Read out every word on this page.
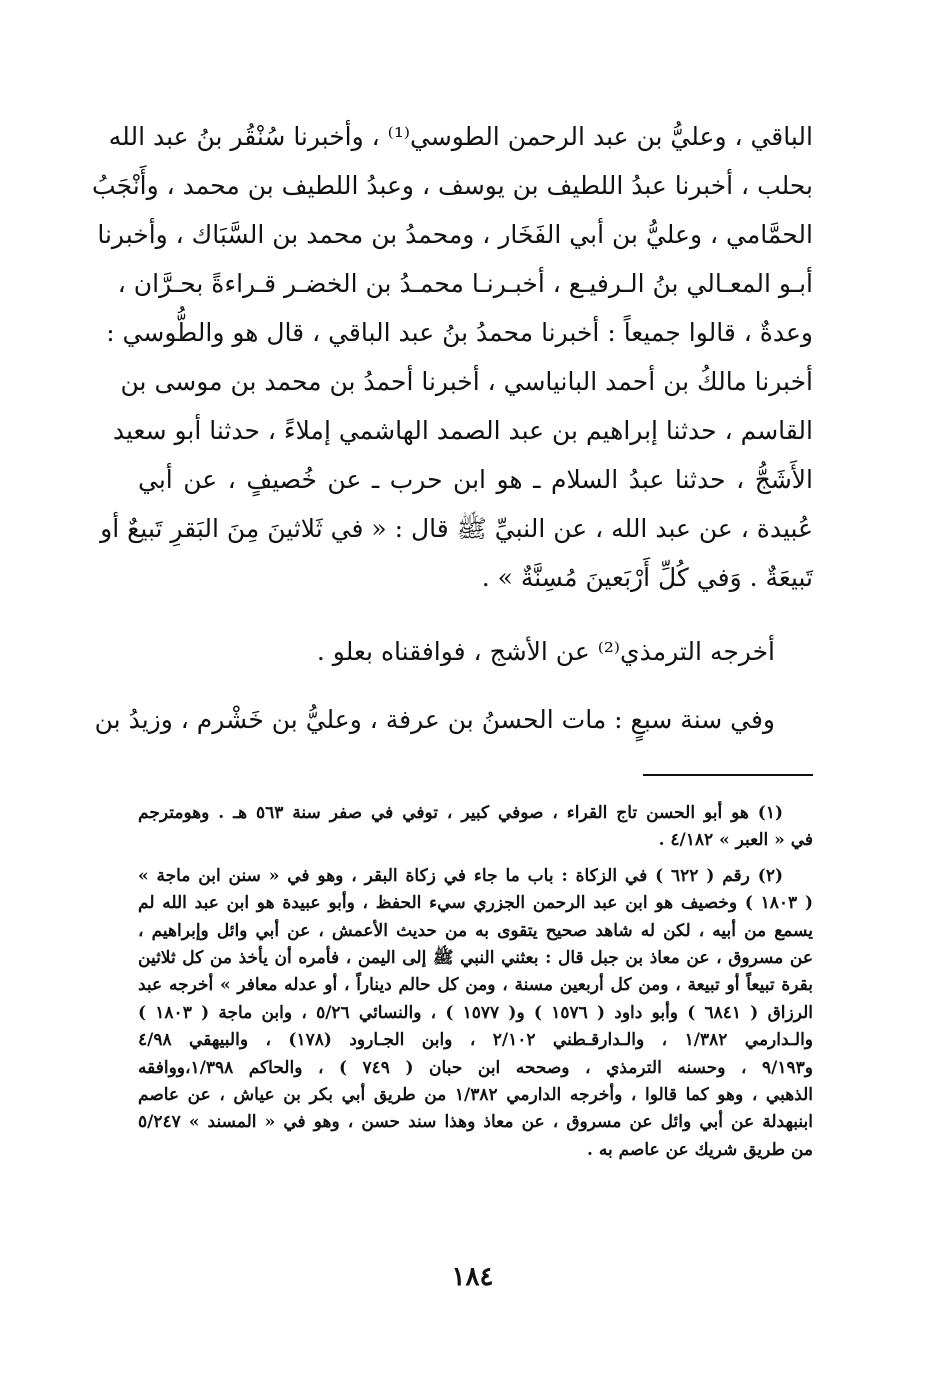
الباقي ، وعليُّ بن عبد الرحمن الطوسي⁽¹⁾ ، وأخبرنا سُنْقُر بنُ عبد الله
بحلب ، أخبرنا عبدُ اللطيف بن يوسف ، وعبدُ اللطيف بن محمد ، وأَنْجَبُ
الحمَّامي ، وعليُّ بن أبي الفَخَار ، ومحمدُ بن محمد بن السَّبَاك ، وأخبرنا
أبـو المعـالي بنُ الـرفيـع ، أخبـرنـا محمـدُ بن الخضـر قـراءةً بحـرَّان ،
وعدةٌ ، قالوا جميعاً : أخبرنا محمدُ بنُ عبد الباقي ، قال هو والطُّوسي :
أخبرنا مالكُ بن أحمد البانياسي ، أخبرنا أحمدُ بن محمد بن موسى بن
القاسم ، حدثنا إبراهيم بن عبد الصمد الهاشمي إملاءً ، حدثنا أبو سعيد
الأَشَجُّ ، حدثنا عبدُ السلام ـ هو ابن حرب ـ عن خُصيفٍ ، عن أبي
عُبيدة ، عن عبد الله ، عن النبيِّ ﷺ قال : « في ثَلاثينَ مِنَ البَقرِ تَبيعٌ أو
تَبيعَةٌ . وَفي كُلِّ أَرْبَعينَ مُسِنَّةٌ » .
أخرجه الترمذي⁽²⁾ عن الأشج ، فوافقناه بعلو .
وفي سنة سبعٍ : مات الحسنُ بن عرفة ، وعليُّ بن خَشْرم ، وزيدُ بن
(١) هو أبو الحسن تاج القراء ، صوفي كبير ، توفي في صفر سنة ٥٦٣ هـ . وهومترجم
في « العبر » ٤/١٨٢ .
(٢) رقم ( ٦٢٢ ) في الزكاة : باب ما جاء في زكاة البقر ، وهو في « سنن ابن ماجة »
( ١٨٠٣ ) وخصيف هو ابن عبد الرحمن الجزري سيء الحفظ ، وأبو عبيدة هو ابن عبد الله لم
يسمع من أبيه ، لكن له شاهد صحيح يتقوى به من حديث الأعمش ، عن أبي وائل وإبراهيم ،
عن مسروق ، عن معاذ بن جبل قال : بعثني النبي ﷺ إلى اليمن ، فأمره أن يأخذ من كل ثلاثين
بقرة تبيعاً أو تبيعة ، ومن كل أربعين مسنة ، ومن كل حالم ديناراً ، أو عدله معافر » أخرجه عبد
الرزاق ( ٦٨٤١ ) وأبو داود ( ١٥٧٦ ) و( ١٥٧٧ ) ، والنسائي ٥/٢٦ ، وابن ماجة ( ١٨٠٣ )
والـدارمي ١/٣٨٢ ، والـدارقـطني ٢/١٠٢ ، وابن الجـارود (١٧٨) ، والبيهقي ٤/٩٨
و٩/١٩٣ ، وحسنه الترمذي ، وصححه ابن حبان ( ٧٤٩ ) ، والحاكم ١/٣٩٨،ووافقه
الذهبي ، وهو كما قالوا ، وأخرجه الدارمي ١/٣٨٢ من طريق أبي بكر بن عياش ، عن عاصم
ابنبهدلة عن أبي وائل عن مسروق ، عن معاذ وهذا سند حسن ، وهو في « المسند » ٥/٢٤٧
من طريق شريك عن عاصم به .
١٨٤
